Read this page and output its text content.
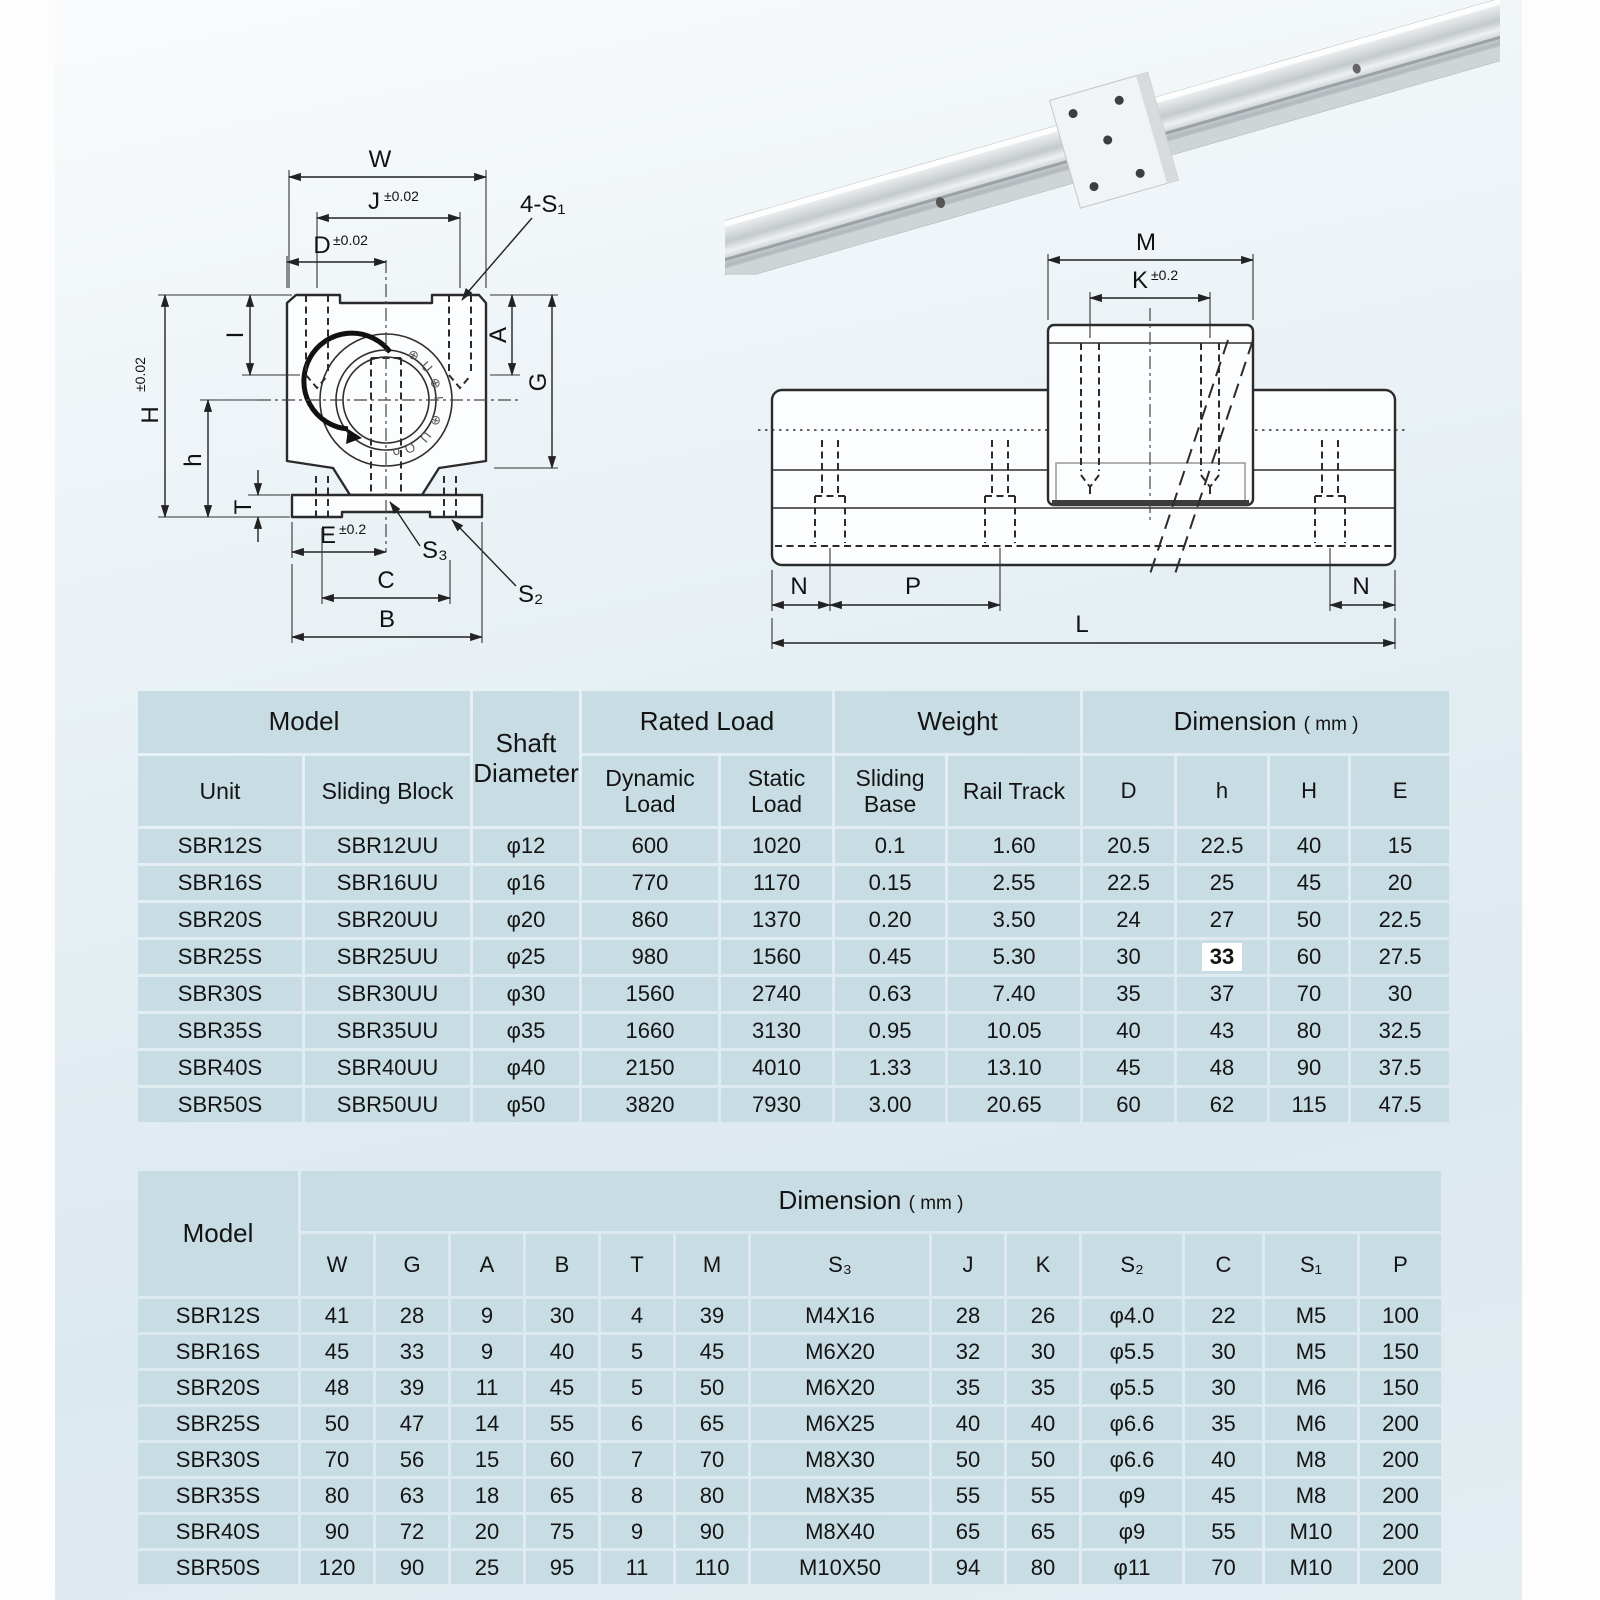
⊕
U
⊕
I
⊕
U
O
o
W
J ±0.02
D ±0.02
4-S₁
I	A
G
H
±0.02
h
T
E ±0.2
S₃
S₂
C
B
M
K ±0.2
N	P	N
L
Model		Shaft Diameter	Rated Load		Weight		Dimension ( mm )			
Unit	Sliding Block		Dynamic Load	Static Load	Sliding Base	Rail Track	D	h	H	E
SBR12S	SBR12UU	φ12	600	1020	0.1	1.60	20.5	22.5	40	15
SBR16S	SBR16UU	φ16	770	1170	0.15	2.55	22.5	25	45	20
SBR20S	SBR20UU	φ20	860	1370	0.20	3.50	24	27	50	22.5
SBR25S	SBR25UU	φ25	980	1560	0.45	5.30	30	33	60	27.5
SBR30S	SBR30UU	φ30	1560	2740	0.63	7.40	35	37	70	30
SBR35S	SBR35UU	φ35	1660	3130	0.95	10.05	40	43	80	32.5
SBR40S	SBR40UU	φ40	2150	4010	1.33	13.10	45	48	90	37.5
SBR50S	SBR50UU	φ50	3820	7930	3.00	20.65	60	62	115	47.5
Model	Dimension ( mm )												
	W	G	A	B	T	M	S₃	J	K	S₂	C	S₁	P
SBR12S	41	28	9	30	4	39	M4X16	28	26	φ4.0	22	M5	100
SBR16S	45	33	9	40	5	45	M6X20	32	30	φ5.5	30	M5	150
SBR20S	48	39	11	45	5	50	M6X20	35	35	φ5.5	30	M6	150
SBR25S	50	47	14	55	6	65	M6X25	40	40	φ6.6	35	M6	200
SBR30S	70	56	15	60	7	70	M8X30	50	50	φ6.6	40	M8	200
SBR35S	80	63	18	65	8	80	M8X35	55	55	φ9	45	M8	200
SBR40S	90	72	20	75	9	90	M8X40	65	65	φ9	55	M10	200
SBR50S	120	90	25	95	11	110	M10X50	94	80	φ11	70	M10	200
